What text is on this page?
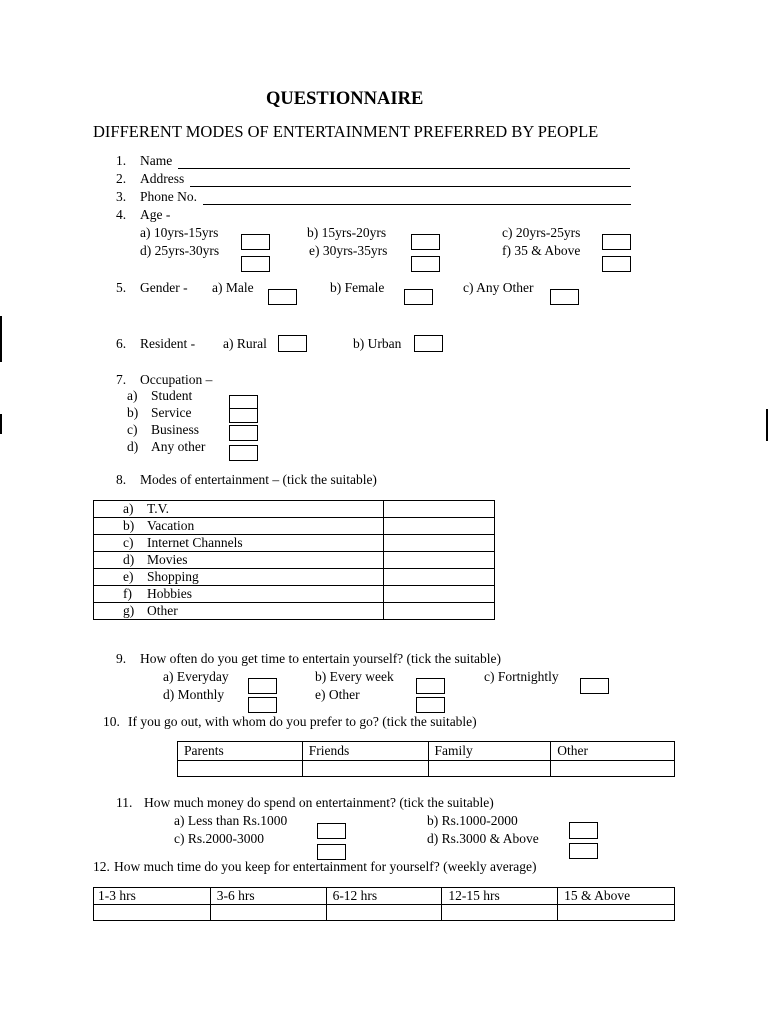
QUESTIONNAIRE
DIFFERENT MODES OF ENTERTAINMENT PREFERRED BY PEOPLE
1. Name
2. Address
3. Phone No.
4. Age -
a) 10yrs-15yrs	b) 15yrs-20yrs	c) 20yrs-25yrs
d) 25yrs-30yrs	e) 30yrs-35yrs	f) 35 & Above
5. Gender - a) Male	b) Female	c) Any Other
6. Resident - a) Rural	b) Urban
7. Occupation –
a) Student
b) Service
c) Business
d) Any other
8. Modes of entertainment – (tick the suitable)
a) T.V.	

b) Vacation	

c) Internet Channels	

d) Movies	

e) Shopping	

f) Hobbies	

g) Other	
9. How often do you get time to entertain yourself? (tick the suitable)
a) Everyday	b) Every week	c) Fortnightly
d) Monthly	e) Other
10. If you go out, with whom do you prefer to go? (tick the suitable)
Parents	Friends	Family	Other

11. How much money do spend on entertainment? (tick the suitable)
a) Less than Rs.1000	b) Rs.1000-2000
c) Rs.2000-3000	d) Rs.3000 & Above
12. How much time do you keep for entertainment for yourself? (weekly average)
1-3 hrs	3-6 hrs	6-12 hrs	12-15 hrs	15 & Above
